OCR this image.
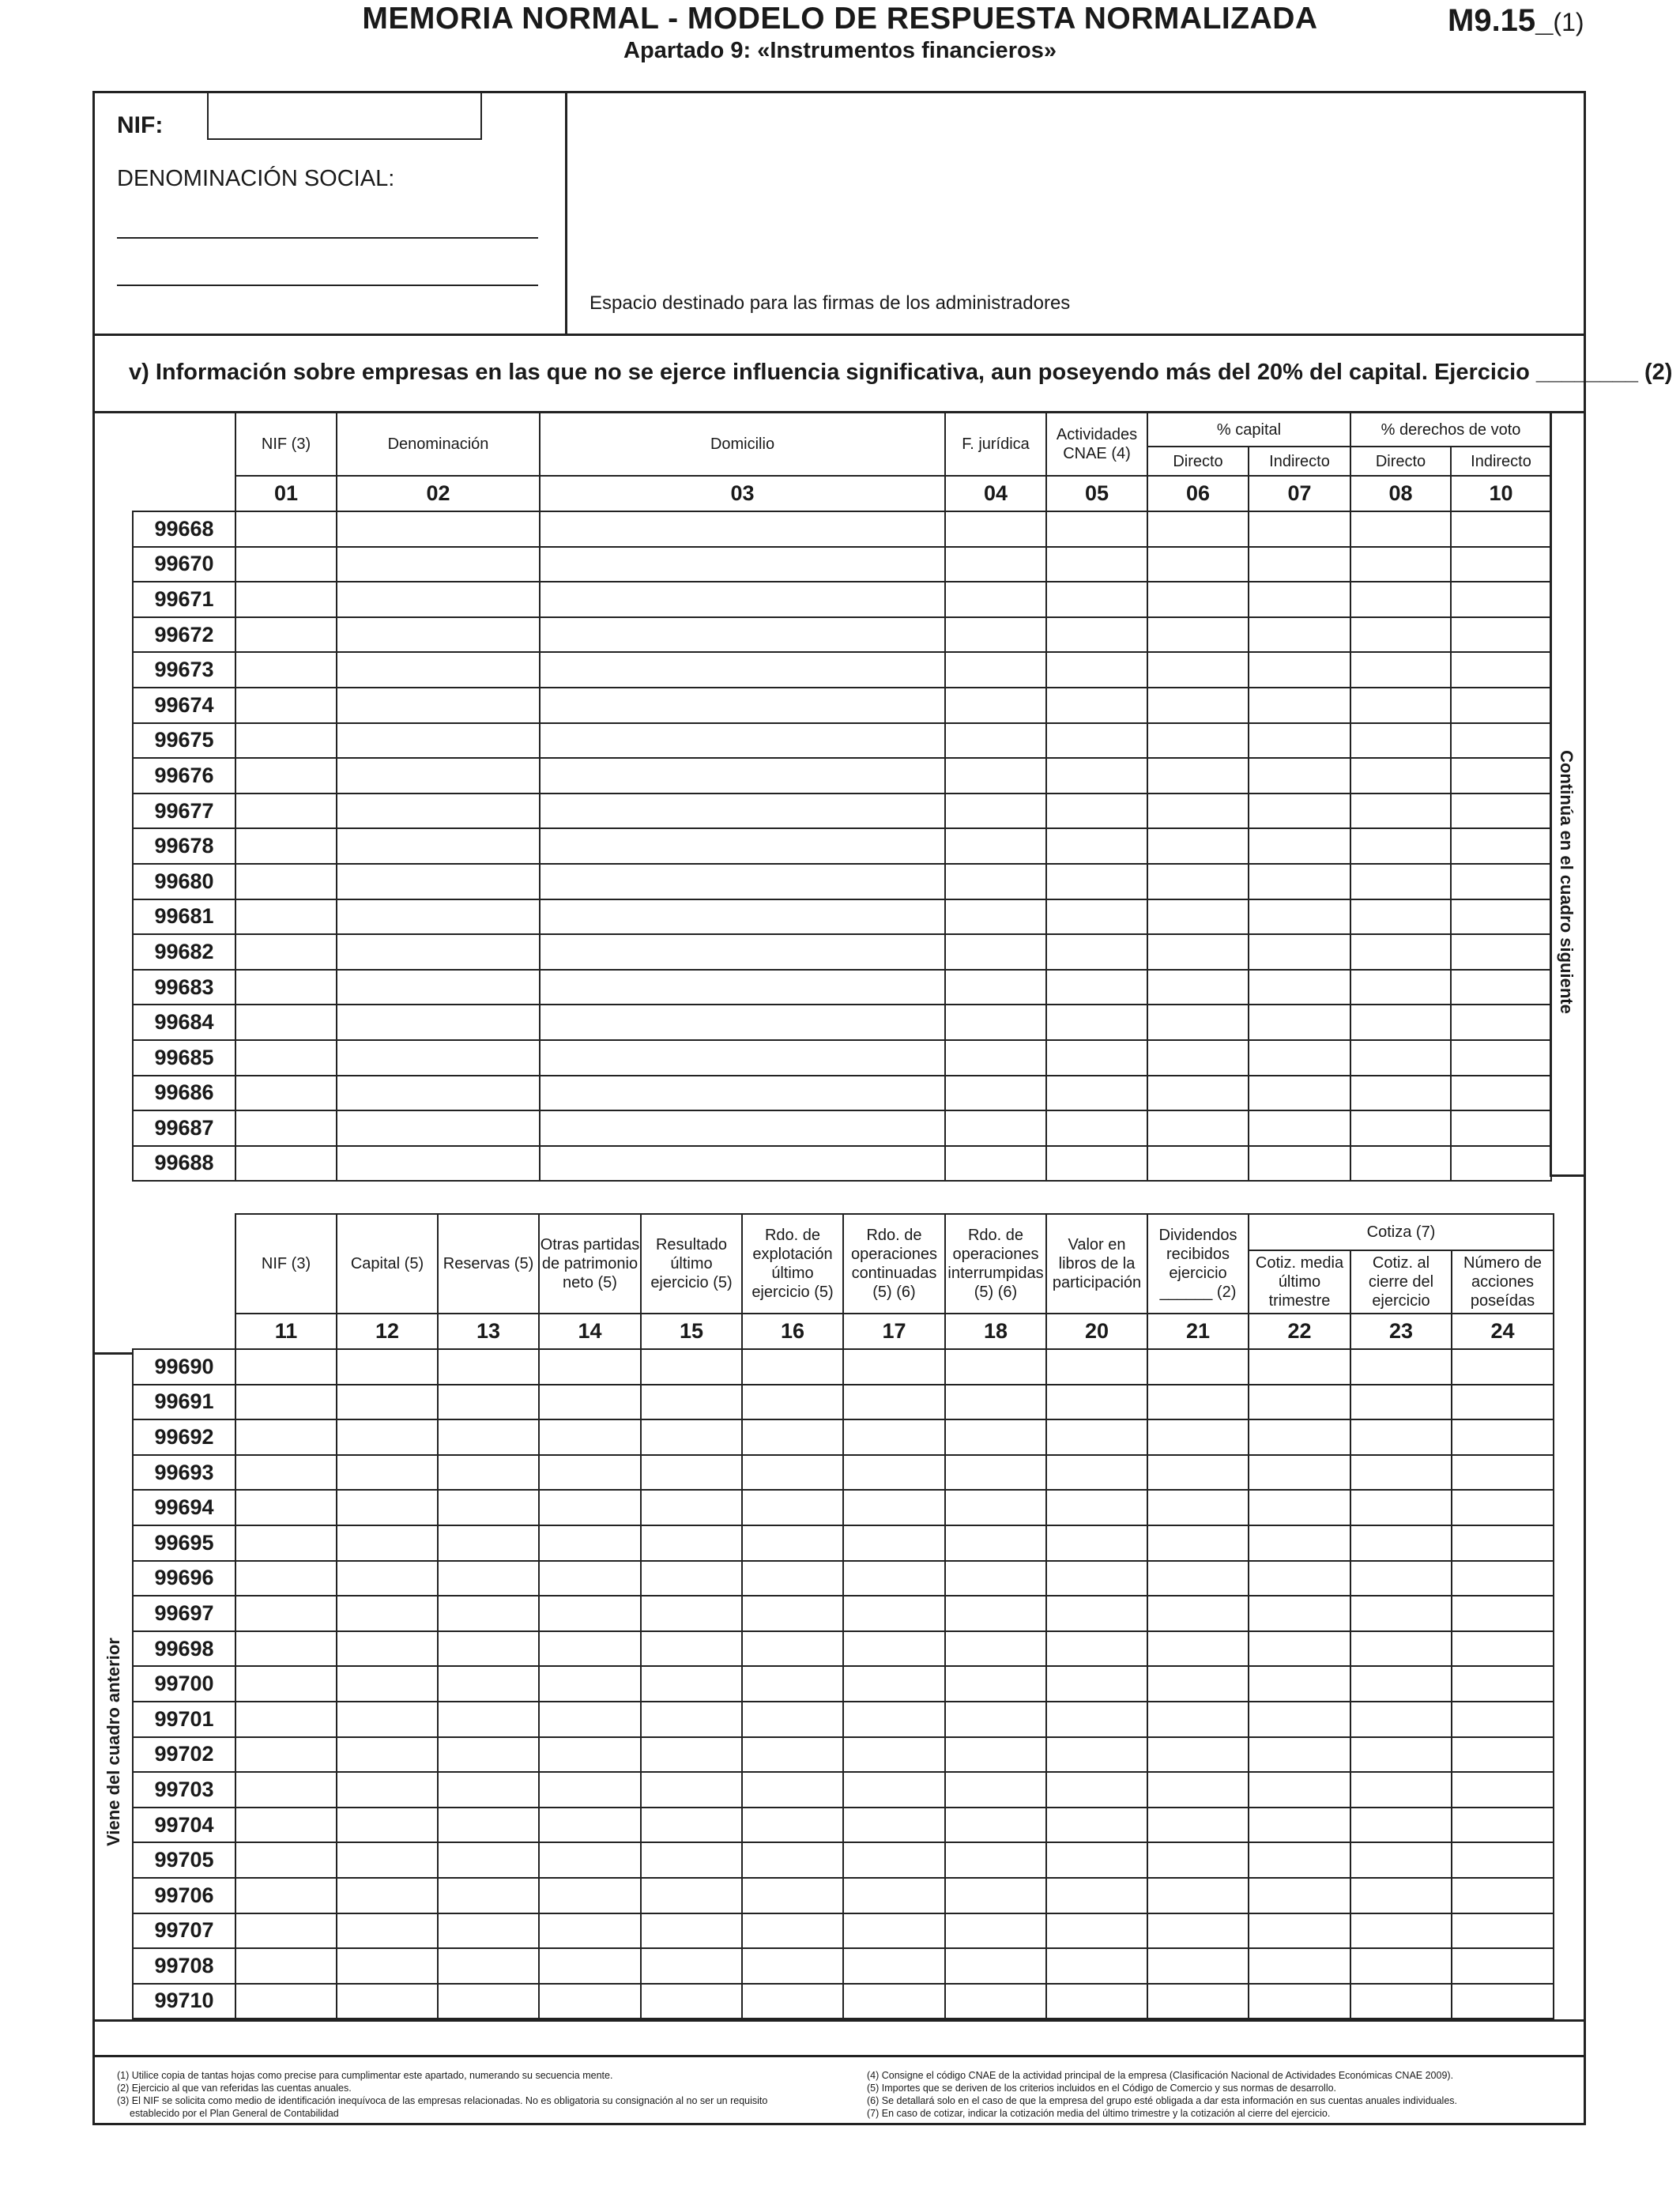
MEMORIA NORMAL - MODELO DE RESPUESTA NORMALIZADA
Apartado 9: «Instrumentos financieros»
M9.15_(1)
NIF:
DENOMINACIÓN SOCIAL:
Espacio destinado para las firmas de los administradores
v) Información sobre empresas en las que no se ejerce influencia significativa, aun poseyendo más del 20% del capital. Ejercicio ________ (2)
	NIF (3)	Denominación	Domicilio	F. jurídica	Actividades CNAE (4)	% capital		% derechos de voto	
						Directo	Indirecto	Directo	Indirecto
	01	02	03	04	05	06	07	08	10
99668									
99670									
99671									
99672									
99673									
99674									
99675									
99676									
99677									
99678									
99680									
99681									
99682									
99683									
99684									
99685									
99686									
99687									
99688									
Continúa en el cuadro siguiente
	NIF (3)	Capital (5)	Reservas (5)	Otras partidas de patrimonio neto (5)	Resultado último ejercicio (5)	Rdo. de explotación último ejercicio (5)	Rdo. de operaciones continuadas (5) (6)	Rdo. de operaciones interrumpidas (5) (6)	Valor en libros de la participación	Dividendos recibidos ejercicio ______ (2)	Cotiza (7)		
											Cotiz. media último trimestre	Cotiz. al cierre del ejercicio	Número de acciones poseídas
	11	12	13	14	15	16	17	18	20	21	22	23	24
99690													
99691													
99692													
99693													
99694													
99695													
99696													
99697													
99698													
99700													
99701													
99702													
99703													
99704													
99705													
99706													
99707													
99708													
99710													
Viene del cuadro anterior
(1) Utilice copia de tantas hojas como precise para cumplimentar este apartado, numerando su secuencia mente.
(2) Ejercicio al que van referidas las cuentas anuales.
(3) El NIF se solicita como medio de identificación inequívoca de las empresas relacionadas. No es obligatoria su consignación al no ser un requisito
establecido por el Plan General de Contabilidad
(4) Consigne el código CNAE de la actividad principal de la empresa (Clasificación Nacional de Actividades Económicas CNAE 2009).
(5) Importes que se deriven de los criterios incluidos en el Código de Comercio y sus normas de desarrollo.
(6) Se detallará solo en el caso de que la empresa del grupo esté obligada a dar esta información en sus cuentas anuales individuales.
(7) En caso de cotizar, indicar la cotización media del último trimestre y la cotización al cierre del ejercicio.
